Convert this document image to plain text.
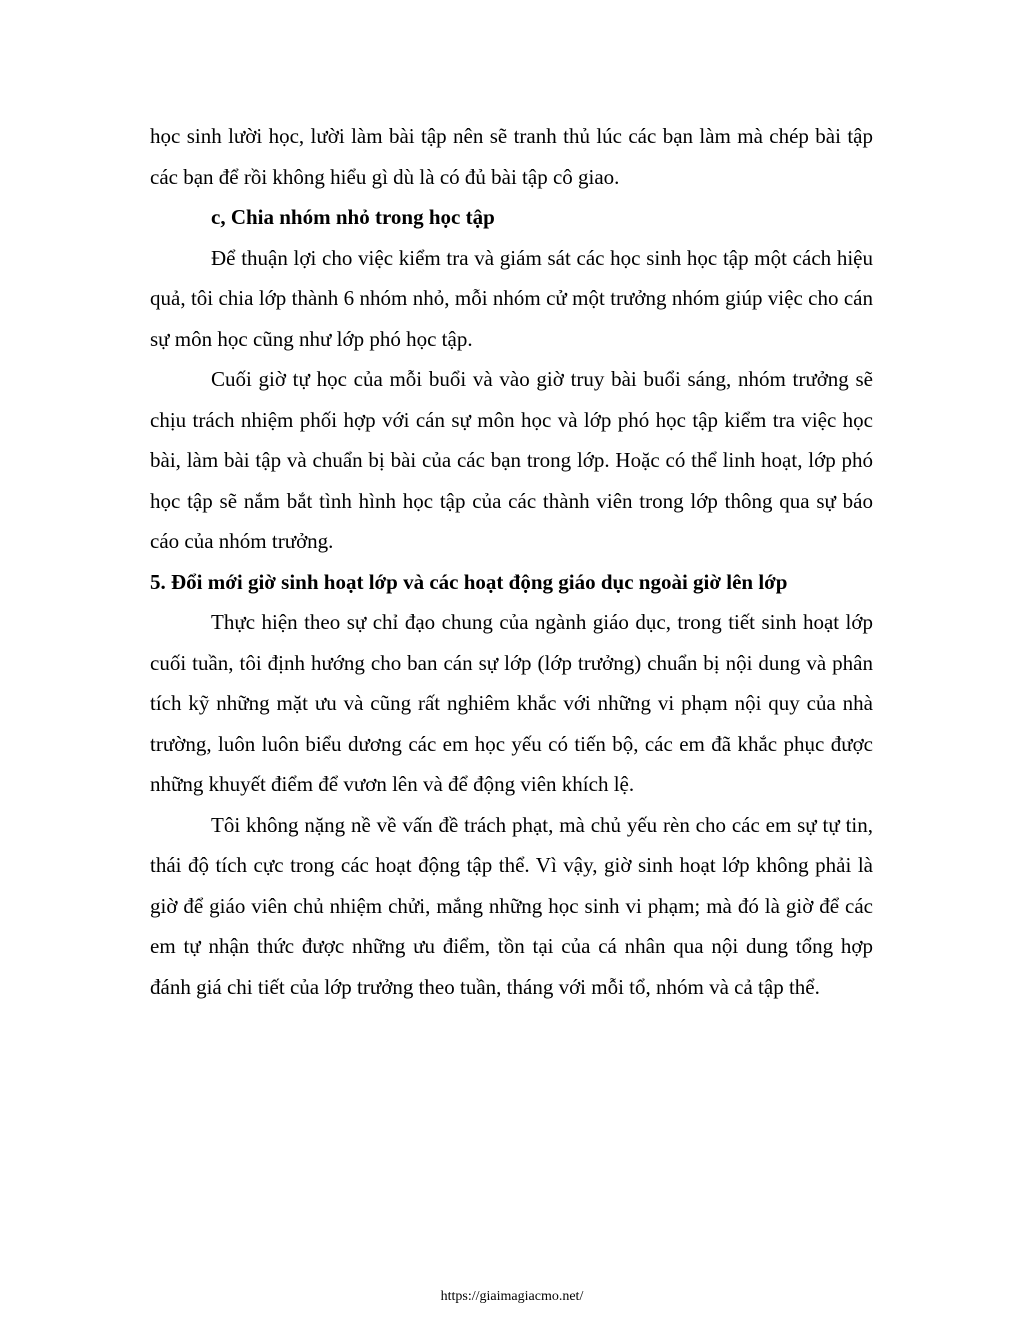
học sinh lười học, lười làm bài tập nên sẽ tranh thủ lúc các bạn làm mà chép bài tập các bạn để rồi không hiểu gì dù là có đủ bài tập cô giao.

c, Chia nhóm nhỏ trong học tập

Để thuận lợi cho việc kiểm tra và giám sát các học sinh học tập một cách hiệu quả, tôi chia lớp thành 6 nhóm nhỏ, mỗi nhóm cử một trưởng nhóm giúp việc cho cán sự môn học cũng như lớp phó học tập.

Cuối giờ tự học của mỗi buổi và vào giờ truy bài buổi sáng, nhóm trưởng sẽ chịu trách nhiệm phối hợp với cán sự môn học và lớp phó học tập kiểm tra việc học bài, làm bài tập và chuẩn bị bài của các bạn trong lớp. Hoặc có thể linh hoạt, lớp phó học tập sẽ nắm bắt tình hình học tập của các thành viên trong lớp thông qua sự báo cáo của nhóm trưởng.

5. Đổi mới giờ sinh hoạt lớp và các hoạt động giáo dục ngoài giờ lên lớp

Thực hiện theo sự chỉ đạo chung của ngành giáo dục, trong tiết sinh hoạt lớp cuối tuần, tôi định hướng cho ban cán sự lớp (lớp trưởng) chuẩn bị nội dung và phân tích kỹ những mặt ưu và cũng rất nghiêm khắc với những vi phạm nội quy của nhà trường, luôn luôn biểu dương các em học yếu có tiến bộ, các em đã khắc phục được những khuyết điểm để vươn lên và để động viên khích lệ.

Tôi không nặng nề về vấn đề trách phạt, mà chủ yếu rèn cho các em sự tự tin, thái độ tích cực trong các hoạt động tập thể. Vì vậy, giờ sinh hoạt lớp không phải là giờ để giáo viên chủ nhiệm chửi, mắng những học sinh vi phạm; mà đó là giờ để các em tự nhận thức được những ưu điểm, tồn tại của cá nhân qua nội dung tổng hợp đánh giá chi tiết của lớp trưởng theo tuần, tháng với mỗi tổ, nhóm và cả tập thể.

https://giaimagiacmo.net/
